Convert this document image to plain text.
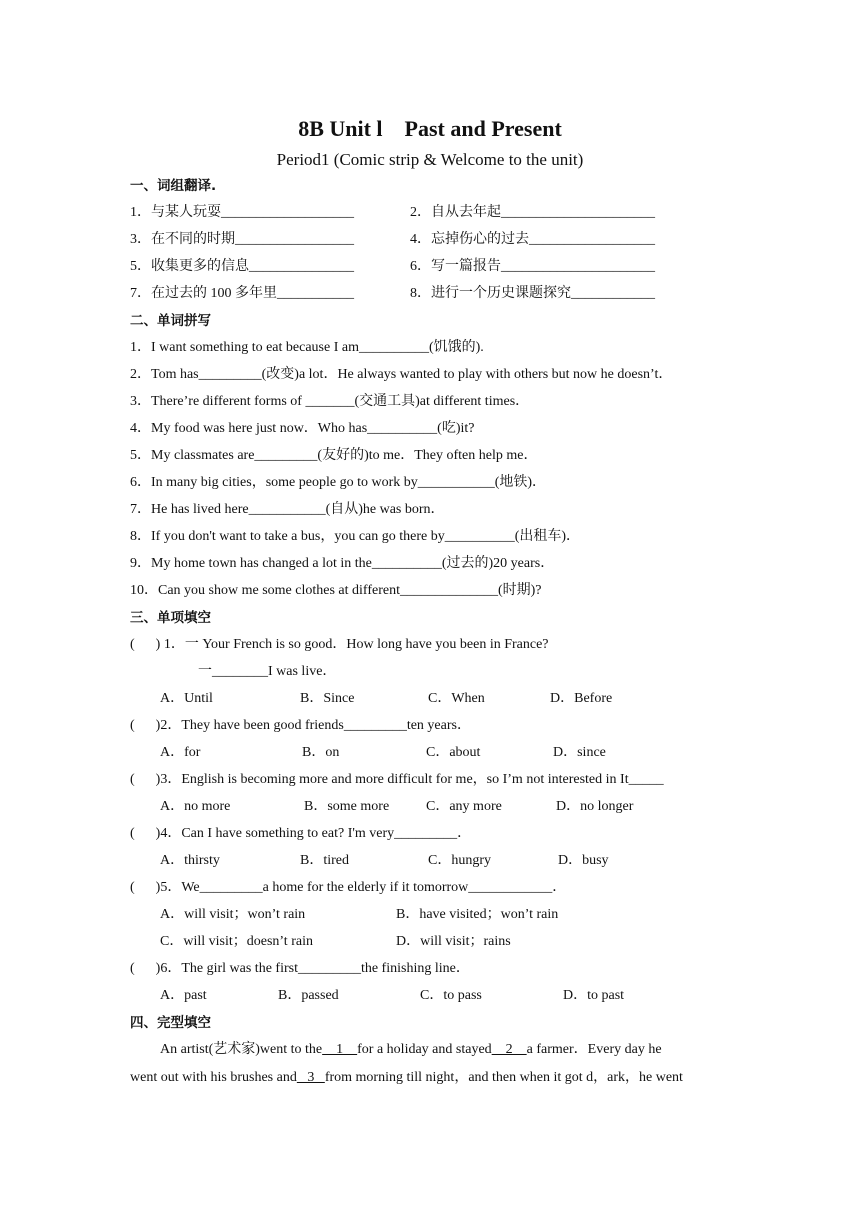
8B Unit l　Past and Present
Period1 (Comic strip & Welcome to the unit)
一、词组翻译.
1．与某人玩耍___________________	2．自从去年起______________________
3．在不同的时期_________________	4．忘掉伤心的过去__________________
5．收集更多的信息_______________	6．写一篇报告______________________
7．在过去的 100 多年里___________	8．进行一个历史课题探究____________
二、单词拼写
1．I want something to eat because I am__________(饥饿的).
2．Tom has_________(改变)a lot．He always wanted to play with others but now he doesn’t．
3．There’re different forms of _______(交通工具)at different times．
4．My food was here just now．Who has__________(吃)it?
5．My classmates are_________(友好的)to me．They often help me．
6．In many big cities，some people go to work by___________(地铁)．
7．He has lived here___________(自从)he was born．
8．If you don't want to take a bus，you can go there by__________(出租车)．
9．My home town has changed a lot in the__________(过去的)20 years．
10．Can you show me some clothes at different______________(时期)?
三、单项填空
(      ) 1．一 Your French is so good．How long have you been in France?
一________I was live．
A．Until	B．Since	C．When	D．Before
(      )2．They have been good friends_________ten years．
A．for	B．on	C．about	D．since
(      )3．English is becoming more and more difficult for me，so I’m not interested in It_____
A．no more	B．some more	C．any more	D．no longer
(      )4．Can I have something to eat? I'm very_________．
A．thirsty	B．tired	C．hungry	D．busy
(      )5．We_________a home for the elderly if it tomorrow____________．
A．will visit；won’t rain	B．have visited；won’t rain
C．will visit；doesn’t rain	D．will visit；rains
(      )6．The girl was the first_________the finishing line．
A．past	B．passed	C．to pass	D．to past
四、完型填空
An artist(艺术家)went to the    1    for a holiday and stayed    2    a farmer．Every day he
went out with his brushes and   3   from morning till night，and then when it got d，ark，he went
